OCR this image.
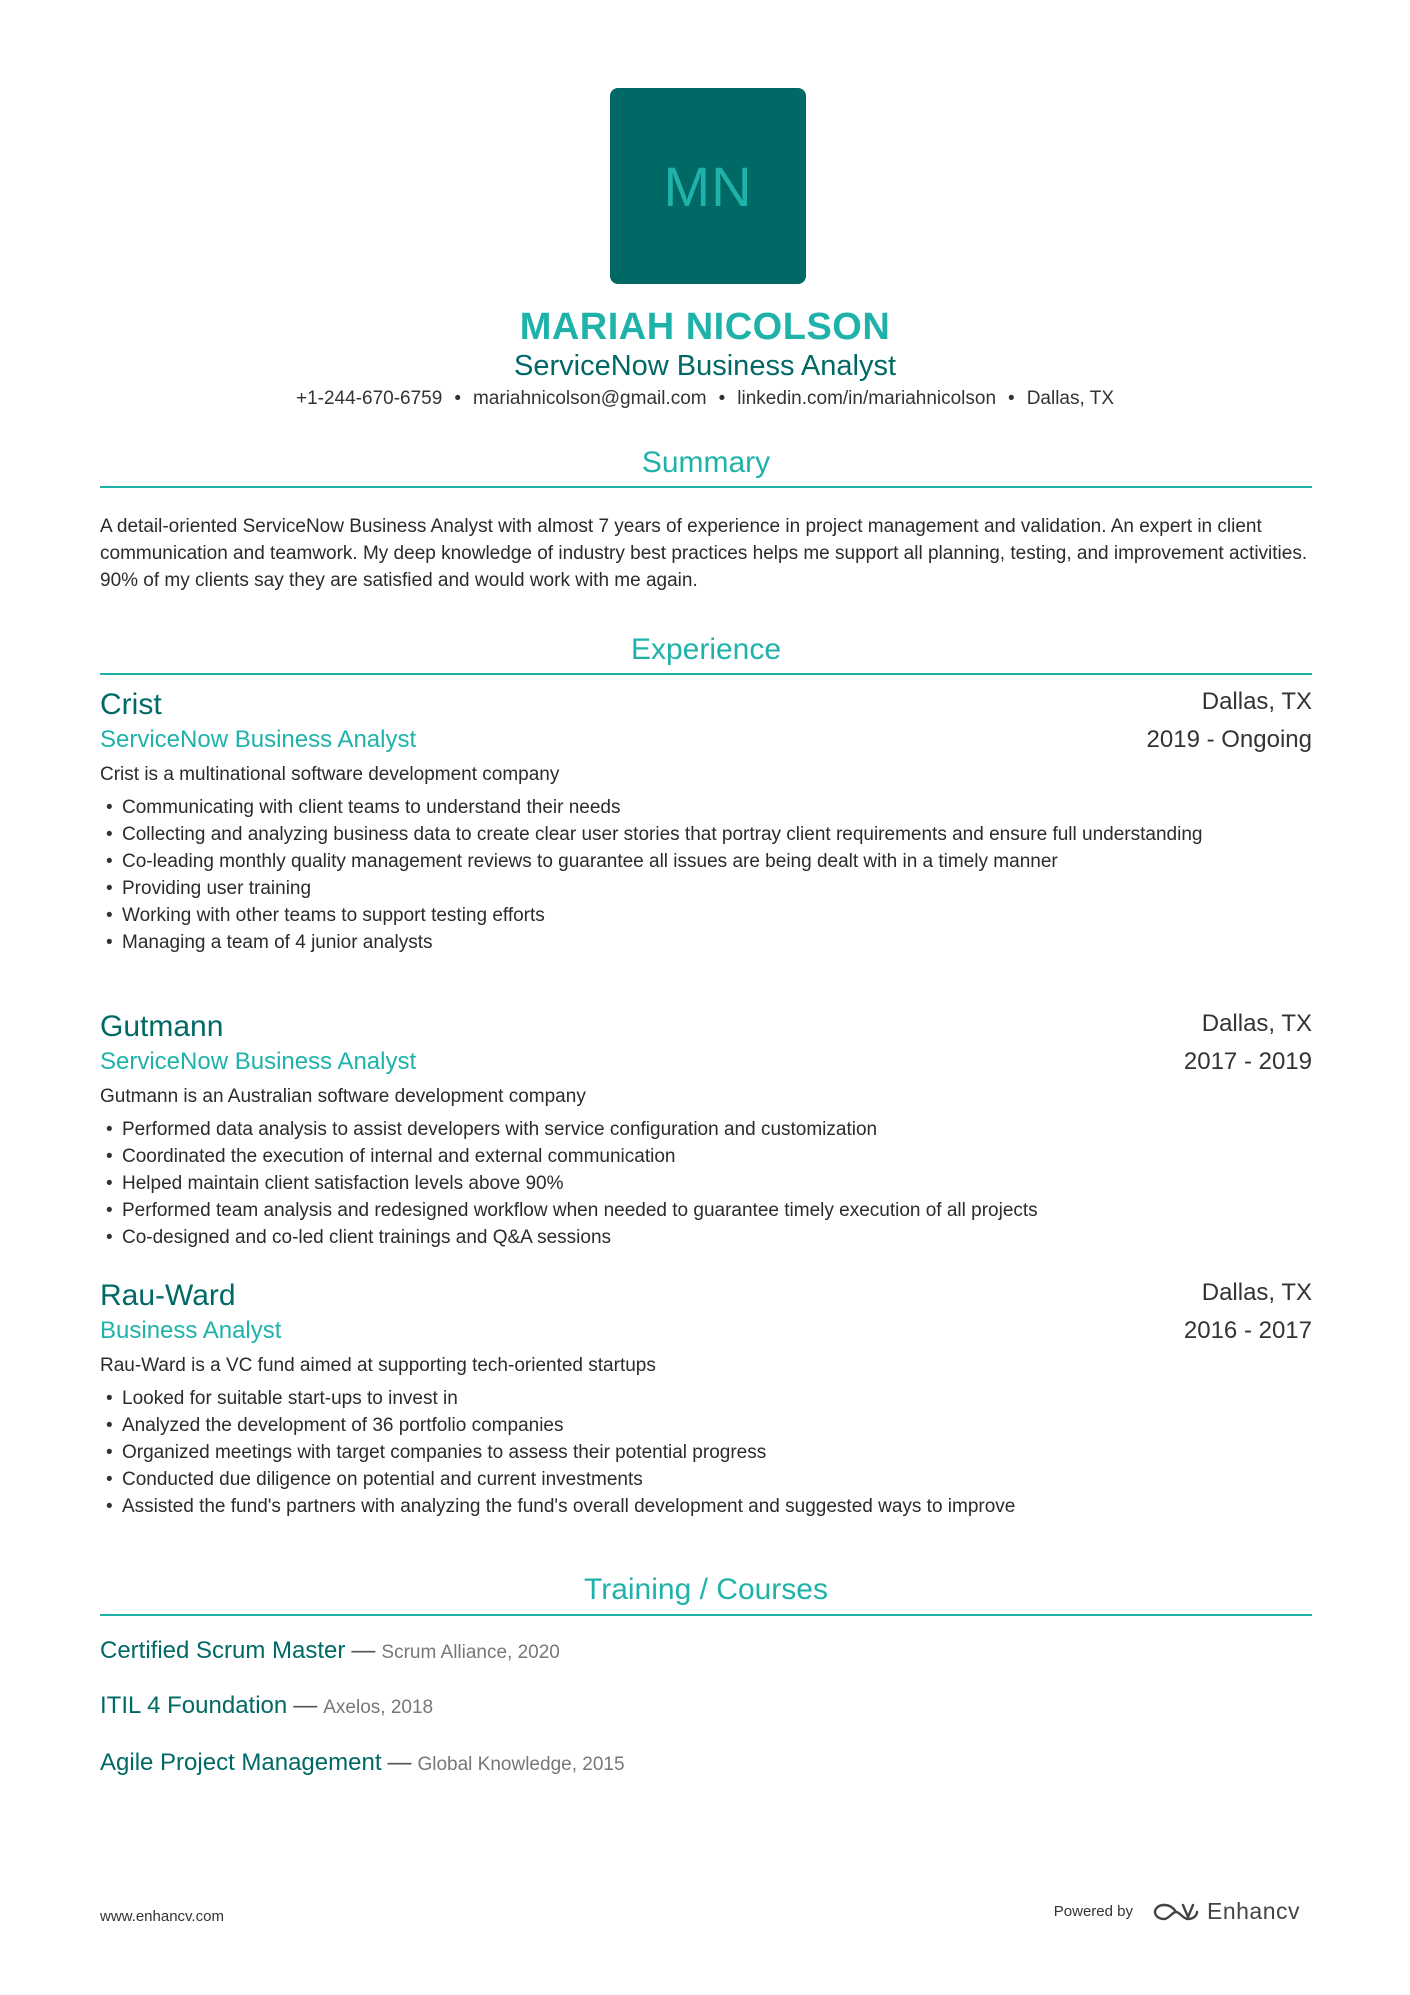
MN
MARIAH NICOLSON
ServiceNow Business Analyst
+1-244-670-6759 • mariahnicolson@gmail.com • linkedin.com/in/mariahnicolson • Dallas, TX
Summary
A detail-oriented ServiceNow Business Analyst with almost 7 years of experience in project management and validation. An expert in client communication and teamwork. My deep knowledge of industry best practices helps me support all planning, testing, and improvement activities. 90% of my clients say they are satisfied and would work with me again.
Experience
Crist	Dallas, TX
ServiceNow Business Analyst	2019 - Ongoing
Crist is a multinational software development company
• Communicating with client teams to understand their needs
• Collecting and analyzing business data to create clear user stories that portray client requirements and ensure full understanding
• Co-leading monthly quality management reviews to guarantee all issues are being dealt with in a timely manner
• Providing user training
• Working with other teams to support testing efforts
• Managing a team of 4 junior analysts
Gutmann	Dallas, TX
ServiceNow Business Analyst	2017 - 2019
Gutmann is an Australian software development company
• Performed data analysis to assist developers with service configuration and customization
• Coordinated the execution of internal and external communication
• Helped maintain client satisfaction levels above 90%
• Performed team analysis and redesigned workflow when needed to guarantee timely execution of all projects
• Co-designed and co-led client trainings and Q&A sessions
Rau-Ward	Dallas, TX
Business Analyst	2016 - 2017
Rau-Ward is a VC fund aimed at supporting tech-oriented startups
• Looked for suitable start-ups to invest in
• Analyzed the development of 36 portfolio companies
• Organized meetings with target companies to assess their potential progress
• Conducted due diligence on potential and current investments
• Assisted the fund's partners with analyzing the fund's overall development and suggested ways to improve
Training / Courses
Certified Scrum Master — Scrum Alliance, 2020
ITIL 4 Foundation — Axelos, 2018
Agile Project Management — Global Knowledge, 2015
www.enhancv.com	Powered by	Enhancv
